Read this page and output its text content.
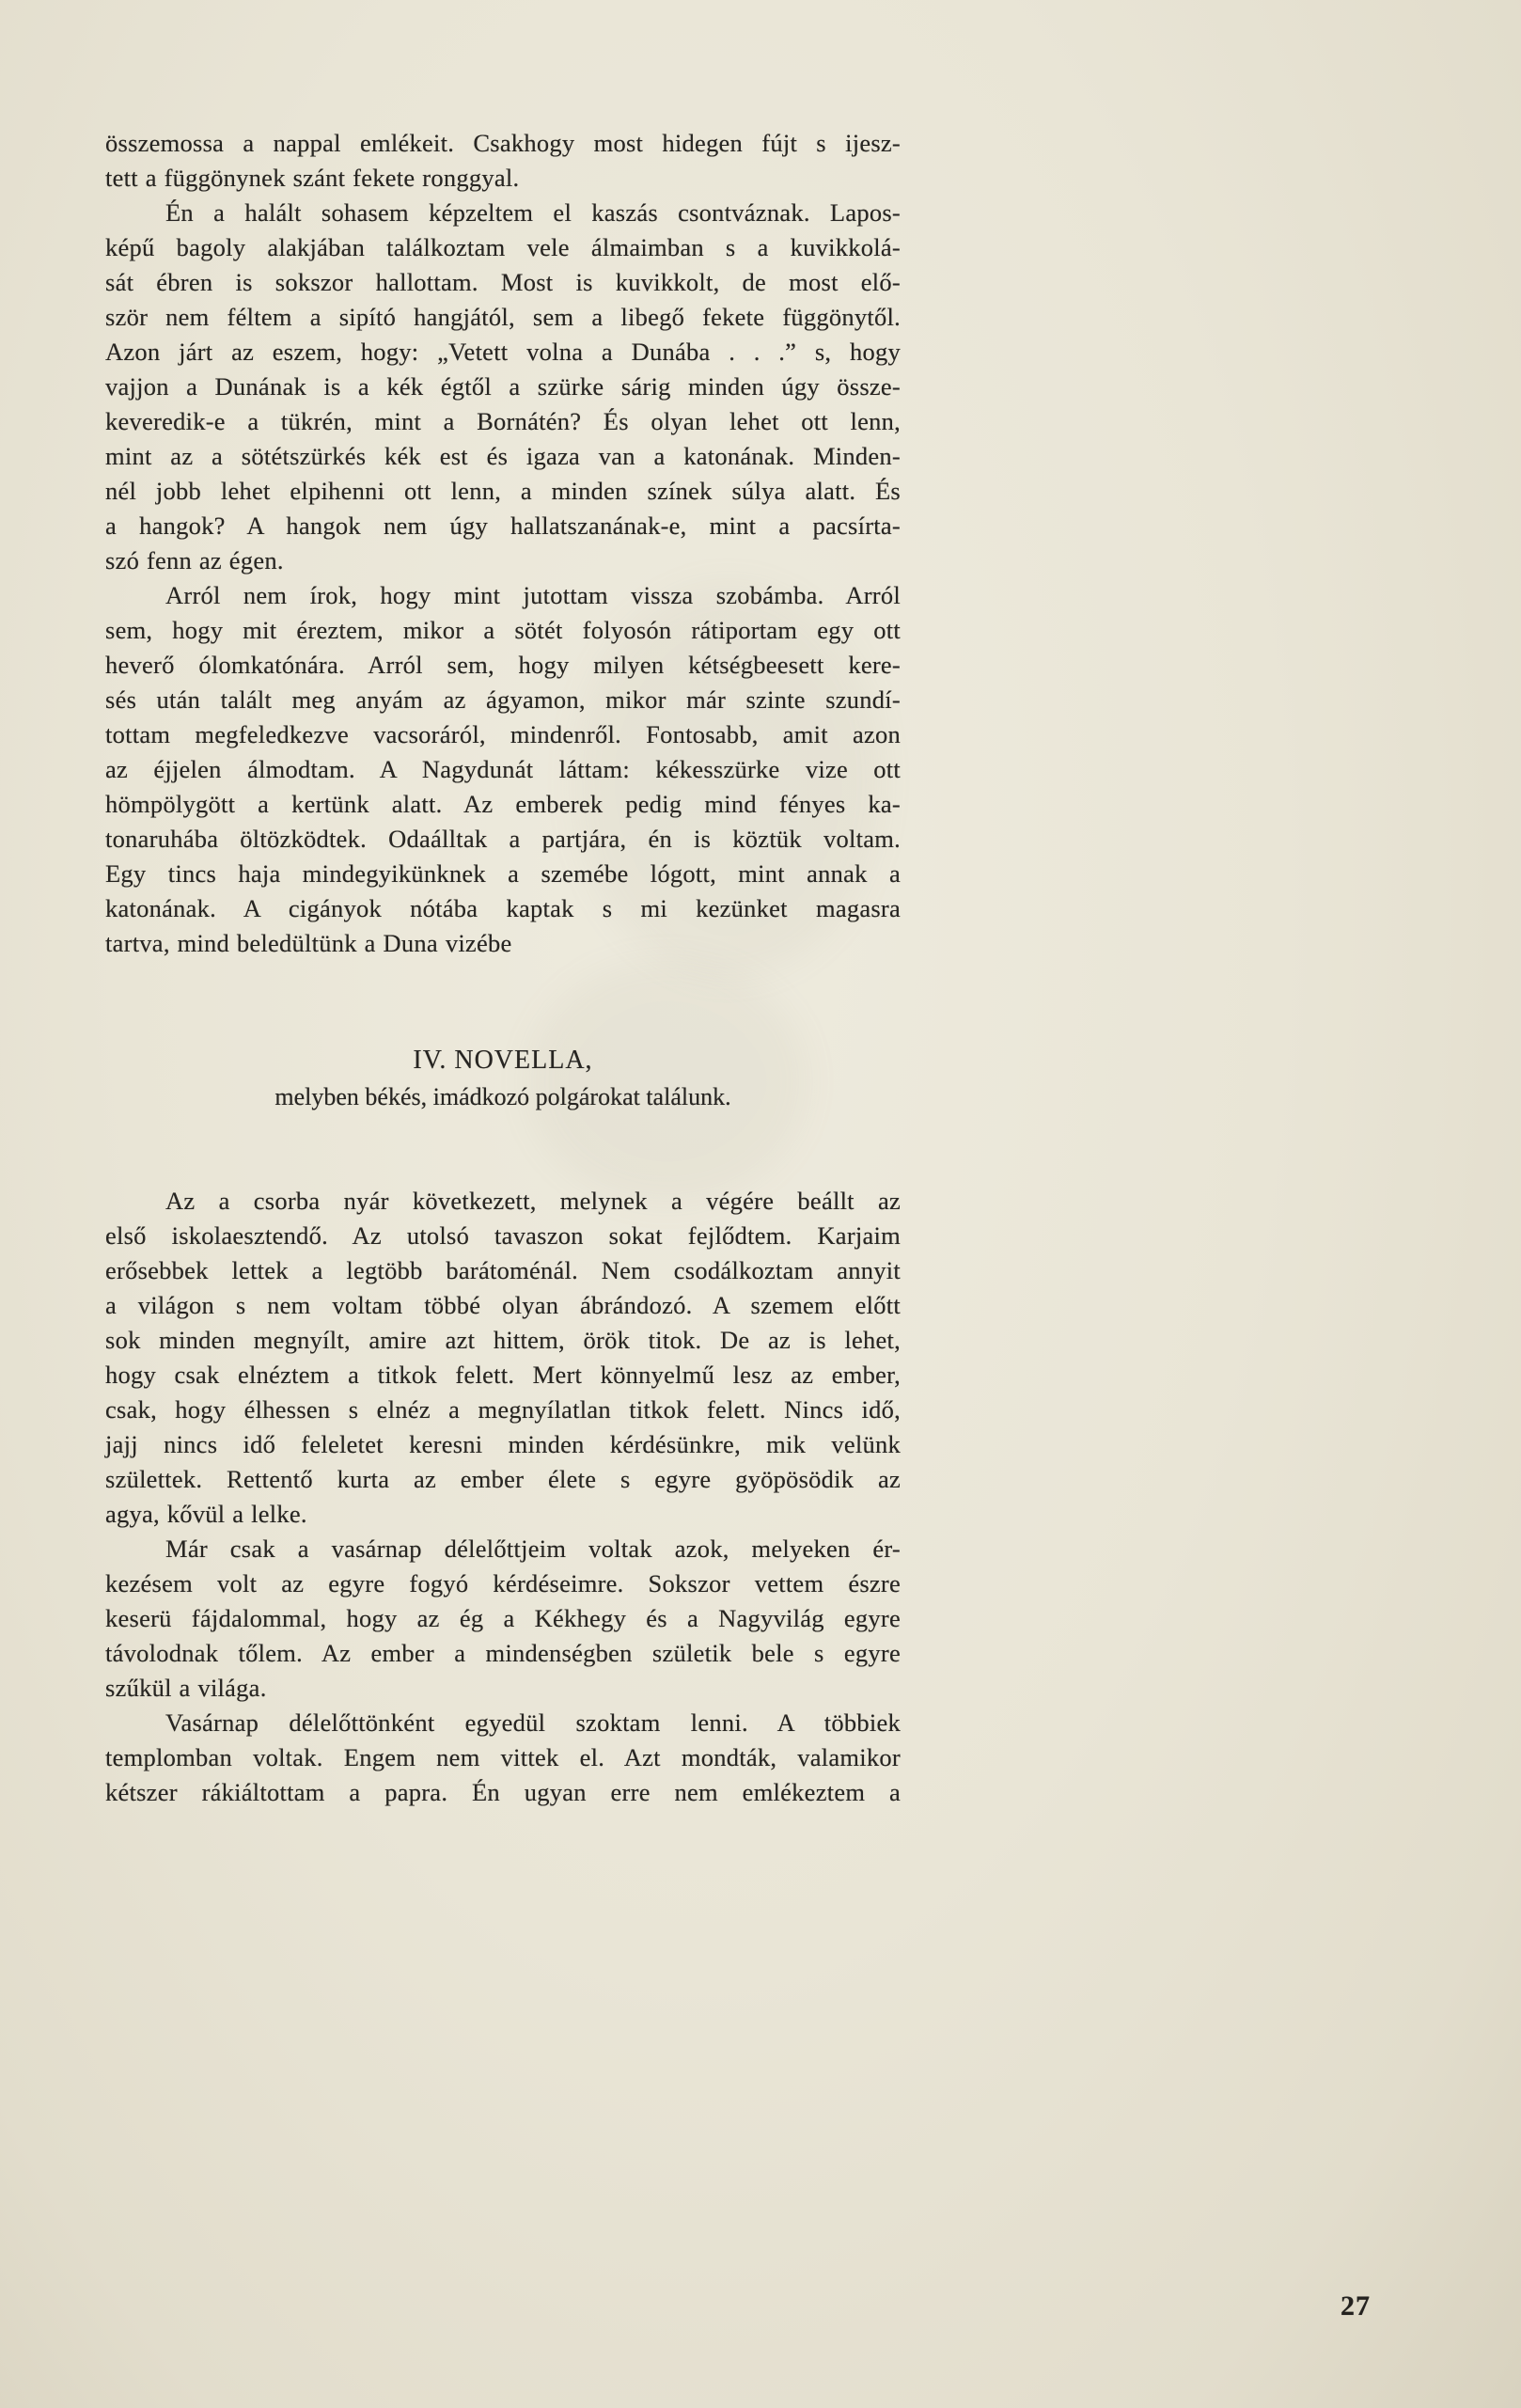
összemossa a nappal emlékeit. Csakhogy most hidegen fújt s ijesz-
tett a függönynek szánt fekete ronggyal.
Én a halált sohasem képzeltem el kaszás csontváznak. Lapos-
képű bagoly alakjában találkoztam vele álmaimban s a kuvikkolá-
sát ébren is sokszor hallottam. Most is kuvikkolt, de most elő-
ször nem féltem a sipító hangjától, sem a libegő fekete függönytől.
Azon járt az eszem, hogy: „Vetett volna a Dunába . . .” s, hogy
vajjon a Dunának is a kék égtől a szürke sárig minden úgy össze-
keveredik-e a tükrén, mint a Bornátén? És olyan lehet ott lenn,
mint az a sötétszürkés kék est és igaza van a katonának. Minden-
nél jobb lehet elpihenni ott lenn, a minden színek súlya alatt. És
a hangok? A hangok nem úgy hallatszanának-e, mint a pacsírta-
szó fenn az égen.
Arról nem írok, hogy mint jutottam vissza szobámba. Arról
sem, hogy mit éreztem, mikor a sötét folyosón rátiportam egy ott
heverő ólomkatónára. Arról sem, hogy milyen kétségbeesett kere-
sés után talált meg anyám az ágyamon, mikor már szinte szundí-
tottam megfeledkezve vacsoráról, mindenről. Fontosabb, amit azon
az éjjelen álmodtam. A Nagydunát láttam: kékesszürke vize ott
hömpölygött a kertünk alatt. Az emberek pedig mind fényes ka-
tonaruhába öltözködtek. Odaálltak a partjára, én is köztük voltam.
Egy tincs haja mindegyikünknek a szemébe lógott, mint annak a
katonának. A cigányok nótába kaptak s mi kezünket magasra
tartva, mind beledültünk a Duna vizébe
IV. NOVELLA,
melyben békés, imádkozó polgárokat találunk.
Az a csorba nyár következett, melynek a végére beállt az
első iskolaesztendő. Az utolsó tavaszon sokat fejlődtem. Karjaim
erősebbek lettek a legtöbb barátoménál. Nem csodálkoztam annyit
a világon s nem voltam többé olyan ábrándozó. A szemem előtt
sok minden megnyílt, amire azt hittem, örök titok. De az is lehet,
hogy csak elnéztem a titkok felett. Mert könnyelmű lesz az ember,
csak, hogy élhessen s elnéz a megnyílatlan titkok felett. Nincs idő,
jajj nincs idő feleletet keresni minden kérdésünkre, mik velünk
születtek. Rettentő kurta az ember élete s egyre gyöpösödik az
agya, kővül a lelke.
Már csak a vasárnap délelőttjeim voltak azok, melyeken ér-
kezésem volt az egyre fogyó kérdéseimre. Sokszor vettem észre
keserü fájdalommal, hogy az ég a Kékhegy és a Nagyvilág egyre
távolodnak tőlem. Az ember a mindenségben születik bele s egyre
szűkül a világa.
Vasárnap délelőttönként egyedül szoktam lenni. A többiek
templomban voltak. Engem nem vittek el. Azt mondták, valamikor
kétszer rákiáltottam a papra. Én ugyan erre nem emlékeztem a
27
